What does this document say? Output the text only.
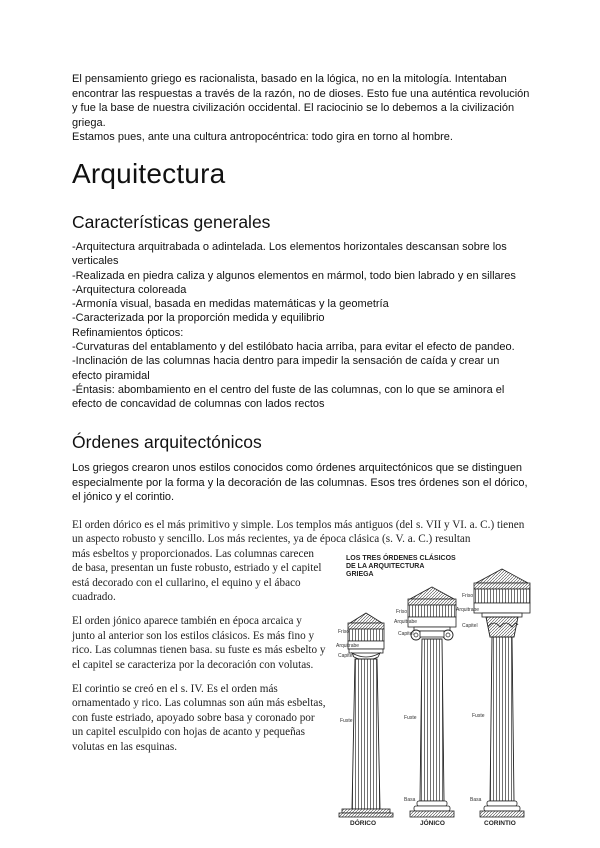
El pensamiento griego es racionalista, basado en la lógica, no en la mitología. Intentaban encontrar las respuestas a través de la razón, no de dioses. Esto fue una auténtica revolución y fue la base de nuestra civilización occidental. El raciocinio se lo debemos a la civilización griega.

Estamos pues, ante una cultura antropocéntrica: todo gira en torno al hombre.

Arquitectura
Características generales
-Arquitectura arquitrabada o adintelada. Los elementos horizontales descansan sobre los verticales
-Realizada en piedra caliza y algunos elementos en mármol, todo bien labrado y en sillares
-Arquitectura coloreada
-Armonía visual, basada en medidas matemáticas y la geometría
-Caracterizada por la proporción medida y equilibrio
Refinamientos ópticos:
-Curvaturas del entablamento y del estilóbato hacia arriba, para evitar el efecto de pandeo.
-Inclinación de las columnas hacia dentro para impedir la sensación de caída y crear un efecto piramidal
-Éntasis: abombamiento en el centro del fuste de las columnas, con lo que se aminora el efecto de concavidad de columnas con lados rectos
Órdenes arquitectónicos
Los griegos crearon unos estilos conocidos como órdenes arquitectónicos que se distinguen especialmente por la forma y la decoración de las columnas. Esos tres órdenes son el dórico, el jónico y el corintio.

El orden dórico es el más primitivo y simple. Los templos más antiguos (del s. VII y VI. a. C.) tienen un aspecto robusto y sencillo. Los más recientes, ya de época clásica (s. V. a. C.) resultan

más esbeltos y proporcionados. Las columnas carecen de basa, presentan un fuste robusto, estriado y el capitel está decorado con el cullarino, el equino y el ábaco cuadrado.

El orden jónico aparece también en época arcaica y junto al anterior son los estilos clásicos. Es más fino y rico. Las columnas tienen basa. su fuste es más esbelto y el capitel se caracteriza por la decoración con volutas.

El corintio se creó en el s. IV. Es el orden más ornamentado y rico. Las columnas son aún más esbeltas, con fuste estriado, apoyado sobre basa y coronado por un capitel esculpido con hojas de acanto y pequeñas volutas en las esquinas.

LOS TRES ÓRDENES CLÁSICOS
DE LA ARQUITECTURA
GRIEGA
Friso
Arquitrabe
Capitel
Fuste
Friso
Arquitrabe
Capitel
Fuste
Basa
Friso
Arquitrabe
Capitel
Fuste
Basa
DÓRICO	JÓNICO	CORINTIO
